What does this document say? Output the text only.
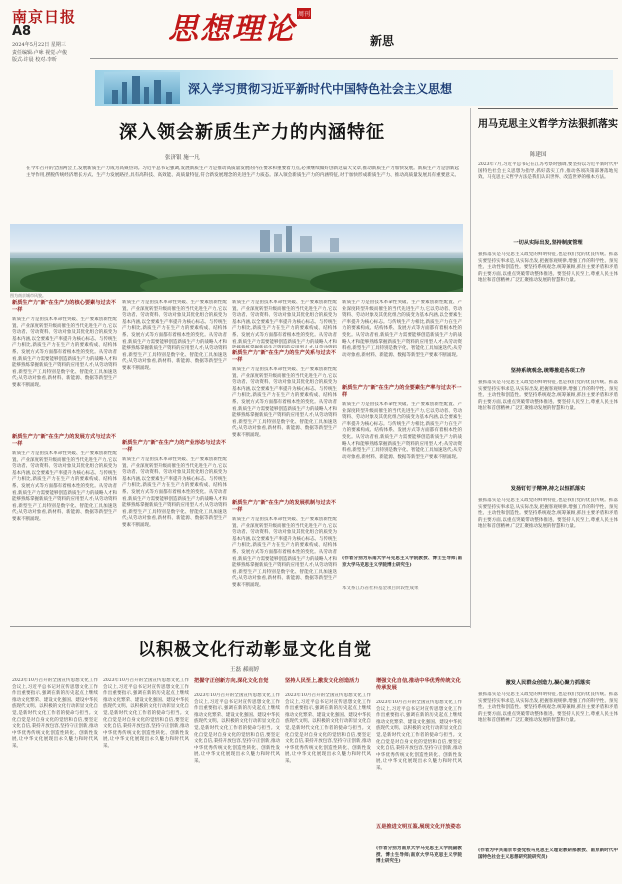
南京日报
A8
2024年5月22日 星期三
责任编辑:卢咏 视觉:卢俊
版式:许晨 校对:李昕
思想理论 周刊
新思
深入学习贯彻习近平新时代中国特色社会主义思想
深入领会新质生产力的内涵特征
张济银 施一凡
在今年召开的全国两会上,发展新质生产力成为高频热词。习近平总书记强调,发展新质生产力是推动高质量发展的内在要求和重要着力点,必须继续做好创新这篇大文章,推动新质生产力加快发展。新质生产力是创新起主导作用,摆脱传统经济增长方式、生产力发展路径,具有高科技、高效能、高质量特征,符合新发展理念的先进生产力质态。深入领会新质生产力的内涵特征,对于加快形成新质生产力、推动高质量发展具有重要意义。
图为南京城市风貌。
新质生产力"新"在生产力的核心要素与过去不一样
新质生产力是由技术革命性突破、生产要素创新性配置、产业深度转型升级而催生的当代先进生产力,它以劳动者、劳动资料、劳动对象及其优化组合的质变为基本内涵,以全要素生产率提升为核心标志。与传统生产力相比,新质生产力在生产力的要素构成、结构体系、发展方式等方面都有着根本性的变化。从劳动者看,新质生产力需要能够创造新质生产力的战略人才和能够熟练掌握新质生产资料的应用型人才;从劳动资料看,新型生产工具特别是数字化、智能化工具加速迭代;从劳动对象看,新材料、新能源、数据等新型生产要素不断涌现。
新质生产力"新"在生产力的发展方式与过去不一样
新质生产力是由技术革命性突破、生产要素创新性配置、产业深度转型升级而催生的当代先进生产力,它以劳动者、劳动资料、劳动对象及其优化组合的质变为基本内涵,以全要素生产率提升为核心标志。与传统生产力相比,新质生产力在生产力的要素构成、结构体系、发展方式等方面都有着根本性的变化。从劳动者看,新质生产力需要能够创造新质生产力的战略人才和能够熟练掌握新质生产资料的应用型人才;从劳动资料看,新型生产工具特别是数字化、智能化工具加速迭代;从劳动对象看,新材料、新能源、数据等新型生产要素不断涌现。
新质生产力是由技术革命性突破、生产要素创新性配置、产业深度转型升级而催生的当代先进生产力,它以劳动者、劳动资料、劳动对象及其优化组合的质变为基本内涵,以全要素生产率提升为核心标志。与传统生产力相比,新质生产力在生产力的要素构成、结构体系、发展方式等方面都有着根本性的变化。从劳动者看,新质生产力需要能够创造新质生产力的战略人才和能够熟练掌握新质生产资料的应用型人才;从劳动资料看,新型生产工具特别是数字化、智能化工具加速迭代;从劳动对象看,新材料、新能源、数据等新型生产要素不断涌现。
新质生产力"新"在生产力的产业形态与过去不一样
新质生产力是由技术革命性突破、生产要素创新性配置、产业深度转型升级而催生的当代先进生产力,它以劳动者、劳动资料、劳动对象及其优化组合的质变为基本内涵,以全要素生产率提升为核心标志。与传统生产力相比,新质生产力在生产力的要素构成、结构体系、发展方式等方面都有着根本性的变化。从劳动者看,新质生产力需要能够创造新质生产力的战略人才和能够熟练掌握新质生产资料的应用型人才;从劳动资料看,新型生产工具特别是数字化、智能化工具加速迭代;从劳动对象看,新材料、新能源、数据等新型生产要素不断涌现。
新质生产力是由技术革命性突破、生产要素创新性配置、产业深度转型升级而催生的当代先进生产力,它以劳动者、劳动资料、劳动对象及其优化组合的质变为基本内涵,以全要素生产率提升为核心标志。与传统生产力相比,新质生产力在生产力的要素构成、结构体系、发展方式等方面都有着根本性的变化。从劳动者看,新质生产力需要能够创造新质生产力的战略人才和
新质生产力"新"在生产力的生产关系与过去不一样
新质生产力是由技术革命性突破、生产要素创新性配置、产业深度转型升级而催生的当代先进生产力,它以劳动者、劳动资料、劳动对象及其优化组合的质变为基本内涵,以全要素生产率提升为核心标志。与传统生产力相比,新质生产力在生产力的要素构成、结构体系、发展方式等方面都有着根本性的变化。从劳动者看,新质生产力需要能够创造新质生产力的战略人才和能够熟练掌握新质生产资料的应用型人才;从劳动资料看,新型生产工具特别是数字化、智能化工具加速迭代;从劳动对象看,新材料、新能源、数据等新型生产要素不断涌现。
新质生产力"新"在生产力的发展机制与过去不一样
新质生产力是由技术革命性突破、生产要素创新性配置、产业深度转型升级而催生的当代先进生产力,它以劳动者、劳动资料、劳动对象及其优化组合的质变为基本内涵,以全要素生产率提升为核心标志。与传统生产力相比,新质生产力在生产力的要素构成、结构体系、发展方式等方面都有着根本性的变化。从劳动者看,新质生产力需要能够创造新质生产力的战略人才和能够熟练掌握新质生产资料的应用型人才;从劳动资料看,新型生产工具特别是数字化、智能化工具加速迭代;从劳动对象看,新材料、新能源、数据等新型生产要素不断涌现。
新质生产力是由技术革命性突破、生产要素创新性配置、产业深度转型升级而催生的当代先进生产力,它以劳动者、劳动资料、劳动对象及其优化组合的质变为基本内涵,以全要素生产率提升为核心标志。与传统生产力相比,新质生产力在生产力的要素构成、结构体系、发展方式等方面都有着根本性的变化。从劳动者看,新质生产力需要能够创造新质生产力的战略人才和能够熟练掌握新质生产资料的应用型人才;从劳动资料看,新型生产工具特别是数字化、智能化工具加速迭代;从劳动对象看,新材料、新能源、数据等新型生产要素不断涌现。
新质生产力"新"在生产力的全要素生产率与过去不一样
新质生产力是由技术革命性突破、生产要素创新性配置、产业深度转型升级而催生的当代先进生产力,它以劳动者、劳动资料、劳动对象及其优化组合的质变为基本内涵,以全要素生产率提升为核心标志。与传统生产力相比,新质生产力在生产力的要素构成、结构体系、发展方式等方面都有着根本性的变化。从劳动者看,新质生产力需要能够创造新质生产力的战略人才和能够熟练掌握新质生产资料的应用型人才;从劳动资料看,新型生产工具特别是数字化、智能化工具加速迭代;从劳动对象看,新材料、新能源、数据等新型生产要素不断涌现。
(作者分别为东南大学马克思主义学院教授、博士生导师;南京大学马克思主义学院博士研究生)
本文系江苏省社科基金项目阶段性成果
用马克思主义哲学方法狠抓落实
陈建国
2023年7月,习近平总书记在江苏考察时强调,要坚持以习近平新时代中国特色社会主义思想为指导,抓好落实工作,推动各项决策部署落地见效。马克思主义哲学方法是我们认识世界、改造世界的根本方法。
一切从实际出发,坚持制度管理
狠抓落实是马克思主义政党的鲜明特征,也是我们党的优良传统。抓落实要坚持实事求是,从实际出发,把握客观规律,增强工作的科学性、预见性、主动性和创造性。要坚持系统观念,统筹兼顾,抓住主要矛盾和矛盾的主要方面,以重点突破带动整体推进。要坚持人民至上,尊重人民主体地位和首创精神,广泛汇聚推动发展的智慧和力量。
坚持系统观念,统筹推进各项工作
狠抓落实是马克思主义政党的鲜明特征,也是我们党的优良传统。抓落实要坚持实事求是,从实际出发,把握客观规律,增强工作的科学性、预见性、主动性和创造性。要坚持系统观念,统筹兼顾,抓住主要矛盾和矛盾的主要方面,以重点突破带动整体推进。要坚持人民至上,尊重人民主体地位和首创精神,广泛汇聚推动发展的智慧和力量。
发扬钉钉子精神,持之以恒抓落实
狠抓落实是马克思主义政党的鲜明特征,也是我们党的优良传统。抓落实要坚持实事求是,从实际出发,把握客观规律,增强工作的科学性、预见性、主动性和创造性。要坚持系统观念,统筹兼顾,抓住主要矛盾和矛盾的主要方面,以重点突破带动整体推进。要坚持人民至上,尊重人民主体地位和首创精神,广泛汇聚推动发展的智慧和力量。
激发人民群众创造力,凝心聚力抓落实
狠抓落实是马克思主义政党的鲜明特征,也是我们党的优良传统。抓落实要坚持实事求是,从实际出发,把握客观规律,增强工作的科学性、预见性、主动性和创造性。要坚持系统观念,统筹兼顾,抓住主要矛盾和矛盾的主要方面,以重点突破带动整体推进。要坚持人民至上,尊重人民主体地位和首创精神,广泛汇聚推动发展的智慧和力量。
(作者为中共南京市委党校马克思主义理论教研部教授、南京新时代中国特色社会主义思想研究院研究员)
以积极文化行动彰显文化自觉
王磊 郝雨婷
2023年10月召开的全国宣传思想文化工作会议上,习近平总书记对宣传思想文化工作作出重要指示,强调在新的历史起点上继续推动文化繁荣、建设文化强国、建设中华民族现代文明。以积极的文化行动彰显文化自觉,是新时代文化工作者的使命与担当。文化自觉是对自身文化的觉悟和自信,要坚定文化自信,秉持开放包容,坚持守正创新,推动中华优秀传统文化创造性转化、创新性发展,让中华文化展现出永久魅力和时代风采。
2023年10月召开的全国宣传思想文化工作会议上,习近平总书记对宣传思想文化工作作出重要指示,强调在新的历史起点上继续推动文化繁荣、建设文化强国、建设中华民族现代文明。以积极的文化行动彰显文化自觉,是新时代文化工作者的使命与担当。文化自觉是对自身文化的觉悟和自信,要坚定文化自信,秉持开放包容,坚持守正创新,推动中华优秀传统文化创造性转化、创新性发展,让中华文化展现出永久魅力和时代风采。
把握守正创新方向,深化文化自觉
2023年10月召开的全国宣传思想文化工作会议上,习近平总书记对宣传思想文化工作作出重要指示,强调在新的历史起点上继续推动文化繁荣、建设文化强国、建设中华民族现代文明。以积极的文化行动彰显文化自觉,是新时代文化工作者的使命与担当。文化自觉是对自身文化的觉悟和自信,要坚定文化自信,秉持开放包容,坚持守正创新,推动中华优秀传统文化创造性转化、创新性发展,让中华文化展现出永久魅力和时代风采。
坚持人民至上,激发文化创造活力
2023年10月召开的全国宣传思想文化工作会议上,习近平总书记对宣传思想文化工作作出重要指示,强调在新的历史起点上继续推动文化繁荣、建设文化强国、建设中华民族现代文明。以积极的文化行动彰显文化自觉,是新时代文化工作者的使命与担当。文化自觉是对自身文化的觉悟和自信,要坚定文化自信,秉持开放包容,坚持守正创新,推动中华优秀传统文化创造性转化、创新性发展,让中华文化展现出永久魅力和时代风采。
增强文化自信,推动中华优秀传统文化传承发展
2023年10月召开的全国宣传思想文化工作会议上,习近平总书记对宣传思想文化工作作出重要指示,强调在新的历史起点上继续推动文化繁荣、建设文化强国、建设中华民族现代文明。以积极的文化行动彰显文化自觉,是新时代文化工作者的使命与担当。文化自觉是对自身文化的觉悟和自信,要坚定文化自信,秉持开放包容,坚持守正创新,推动中华优秀传统文化创造性转化、创新性发展,让中华文化展现出永久魅力和时代风采。
五是推进文明互鉴,展现文化开放姿态
(作者分别为南京大学马克思主义学院副教授、博士生导师;南京大学马克思主义学院博士研究生)
